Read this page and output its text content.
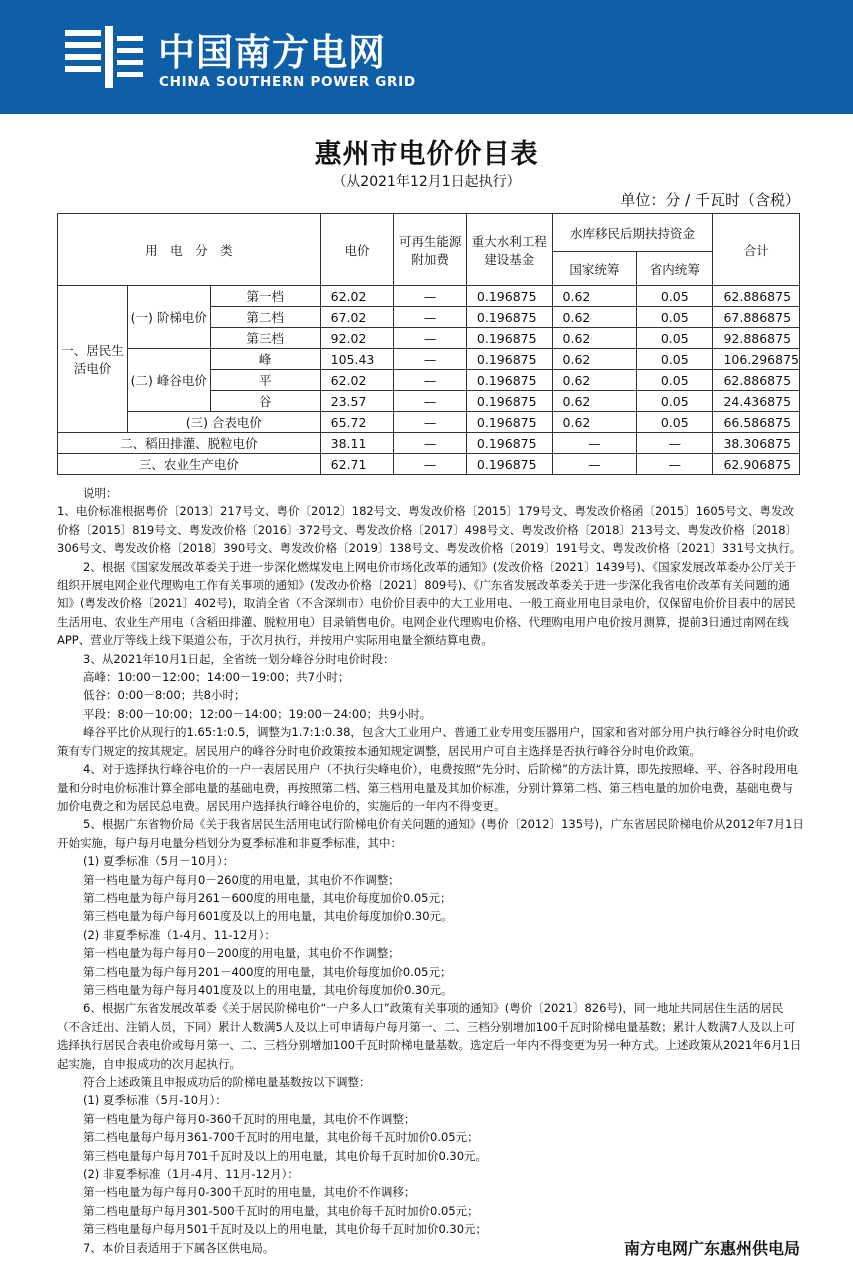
中国南方电网
CHINA SOUTHERN POWER GRID
惠州市电价价目表
（从2021年12月1日起执行）
单位：分 / 千瓦时（含税）
用　电　分　类			电价	可再生能源附加费	重大水利工程建设基金	水库移民后期扶持资金		合计
						国家统筹	省内统筹	
一、居民生活电价	(一) 阶梯电价	第一档	62.02	—	0.196875	0.62	0.05	62.886875
		第二档	67.02	—	0.196875	0.62	0.05	67.886875
		第三档	92.02	—	0.196875	0.62	0.05	92.886875
	(二) 峰谷电价	峰	105.43	—	0.196875	0.62	0.05	106.296875
		平	62.02	—	0.196875	0.62	0.05	62.886875
		谷	23.57	—	0.196875	0.62	0.05	24.436875
	(三) 合表电价		65.72	—	0.196875	0.62	0.05	66.586875
二、稻田排灌、脱粒电价			38.11	—	0.196875	—	—	38.306875
三、农业生产电价			62.71	—	0.196875	—	—	62.906875

说明：

1、电价标准根据粤价〔2013〕217号文、粤价〔2012〕182号文、粤发改价格〔2015〕179号文、粤发改价格函〔2015〕1605号文、粤发改价格〔2015〕819号文、粤发改价格〔2016〕372号文、粤发改价格〔2017〕498号文、粤发改价格〔2018〕213号文、粤发改价格〔2018〕306号文、粤发改价格〔2018〕390号文、粤发改价格〔2019〕138号文、粤发改价格〔2019〕191号文、粤发改价格〔2021〕331号文执行。

2、根据《国家发展改革委关于进一步深化燃煤发电上网电价市场化改革的通知》(发改价格〔2021〕1439号)、《国家发展改革委办公厅关于组织开展电网企业代理购电工作有关事项的通知》(发改办价格〔2021〕809号)、《广东省发展改革委关于进一步深化我省电价改革有关问题的通知》(粤发改价格〔2021〕402号)，取消全省（不含深圳市）电价价目表中的大工业用电、一般工商业用电目录电价，仅保留电价价目表中的居民生活用电、农业生产用电（含稻田排灌、脱粒用电）目录销售电价。电网企业代理购电价格、代理购电用户电价按月测算，提前3日通过南网在线APP、营业厅等线上线下渠道公布，于次月执行，并按用户实际用电量全额结算电费。

3、从2021年10月1日起，全省统一划分峰谷分时电价时段：

高峰：10:00－12:00；14:00－19:00；共7小时；

低谷：0:00－8:00；共8小时；

平段：8:00－10:00；12:00－14:00；19:00－24:00；共9小时。

峰谷平比价从现行的1.65:1:0.5，调整为1.7:1:0.38，包含大工业用户、普通工业专用变压器用户，国家和省对部分用户执行峰谷分时电价政策有专门规定的按其规定。居民用户的峰谷分时电价政策按本通知规定调整，居民用户可自主选择是否执行峰谷分时电价政策。

4、对于选择执行峰谷电价的一户一表居民用户（不执行尖峰电价），电费按照“先分时、后阶梯”的方法计算，即先按照峰、平、谷各时段用电量和分时电价标准计算全部电量的基础电费，再按照第二档、第三档用电量及其加价标准，分别计算第二档、第三档电量的加价电费，基础电费与加价电费之和为居民总电费。居民用户选择执行峰谷电价的，实施后的一年内不得变更。

5、根据广东省物价局《关于我省居民生活用电试行阶梯电价有关问题的通知》(粤价〔2012〕135号)，广东省居民阶梯电价从2012年7月1日开始实施，每户每月电量分档划分为夏季标准和非夏季标准，其中：

(1) 夏季标准（5月－10月）：

第一档电量为每户每月0－260度的用电量，其电价不作调整；

第二档电量为每户每月261－600度的用电量，其电价每度加价0.05元；

第三档电量为每户每月601度及以上的用电量，其电价每度加价0.30元。

(2) 非夏季标准（1-4月、11-12月）：

第一档电量为每户每月0－200度的用电量，其电价不作调整；

第二档电量为每户每月201－400度的用电量，其电价每度加价0.05元；

第三档电量为每户每月401度及以上的用电量，其电价每度加价0.30元。

6、根据广东省发展改革委《关于居民阶梯电价“一户多人口”政策有关事项的通知》(粤价〔2021〕826号)，同一地址共同居住生活的居民（不含迁出、注销人员，下同）累计人数满5人及以上可申请每户每月第一、二、三档分别增加100千瓦时阶梯电量基数；累计人数满7人及以上可选择执行居民合表电价或每月第一、二、三档分别增加100千瓦时阶梯电量基数。选定后一年内不得变更为另一种方式。上述政策从2021年6月1日起实施，自申报成功的次月起执行。

符合上述政策且申报成功后的阶梯电量基数按以下调整：

(1) 夏季标准（5月-10月）：

第一档电量为每户每月0-360千瓦时的用电量，其电价不作调整；

第二档电量每户每月361-700千瓦时的用电量，其电价每千瓦时加价0.05元；

第三档电量每户每月701千瓦时及以上的用电量，其电价每千瓦时加价0.30元。

(2) 非夏季标准（1月-4月、11月-12月）：

第一档电量为每户每月0-300千瓦时的用电量，其电价不作调移；

第二档电量每户每月301-500千瓦时的用电量，其电价每千瓦时加价0.05元；

第三档电量每户每月501千瓦时及以上的用电量，其电价每千瓦时加价0.30元；

7、本价目表适用于下属各区供电局。	南方电网广东惠州供电局
